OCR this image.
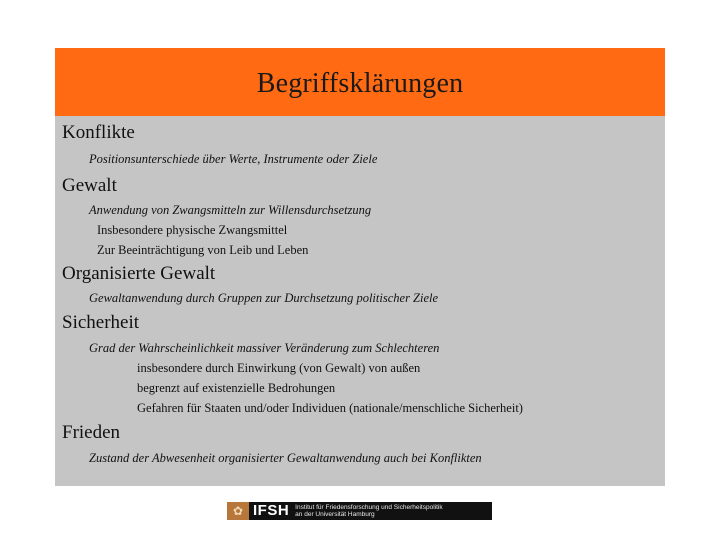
Begriffsklärungen
Konflikte
Positionsunterschiede über Werte, Instrumente oder Ziele
Gewalt
Anwendung von Zwangsmitteln zur Willensdurchsetzung
Insbesondere physische Zwangsmittel
Zur Beeinträchtigung von Leib und Leben
Organisierte Gewalt
Gewaltanwendung durch Gruppen zur Durchsetzung politischer Ziele
Sicherheit
Grad der Wahrscheinlichkeit massiver Veränderung zum Schlechteren
insbesondere durch Einwirkung (von Gewalt) von außen
begrenzt auf existenzielle Bedrohungen
Gefahren für Staaten und/oder Individuen (nationale/menschliche Sicherheit)
Frieden
Zustand der Abwesenheit organisierter Gewaltanwendung auch bei Konflikten
✿ IFSH Institut für Friedensforschung und Sicherheitspolitik
an der Universität Hamburg
